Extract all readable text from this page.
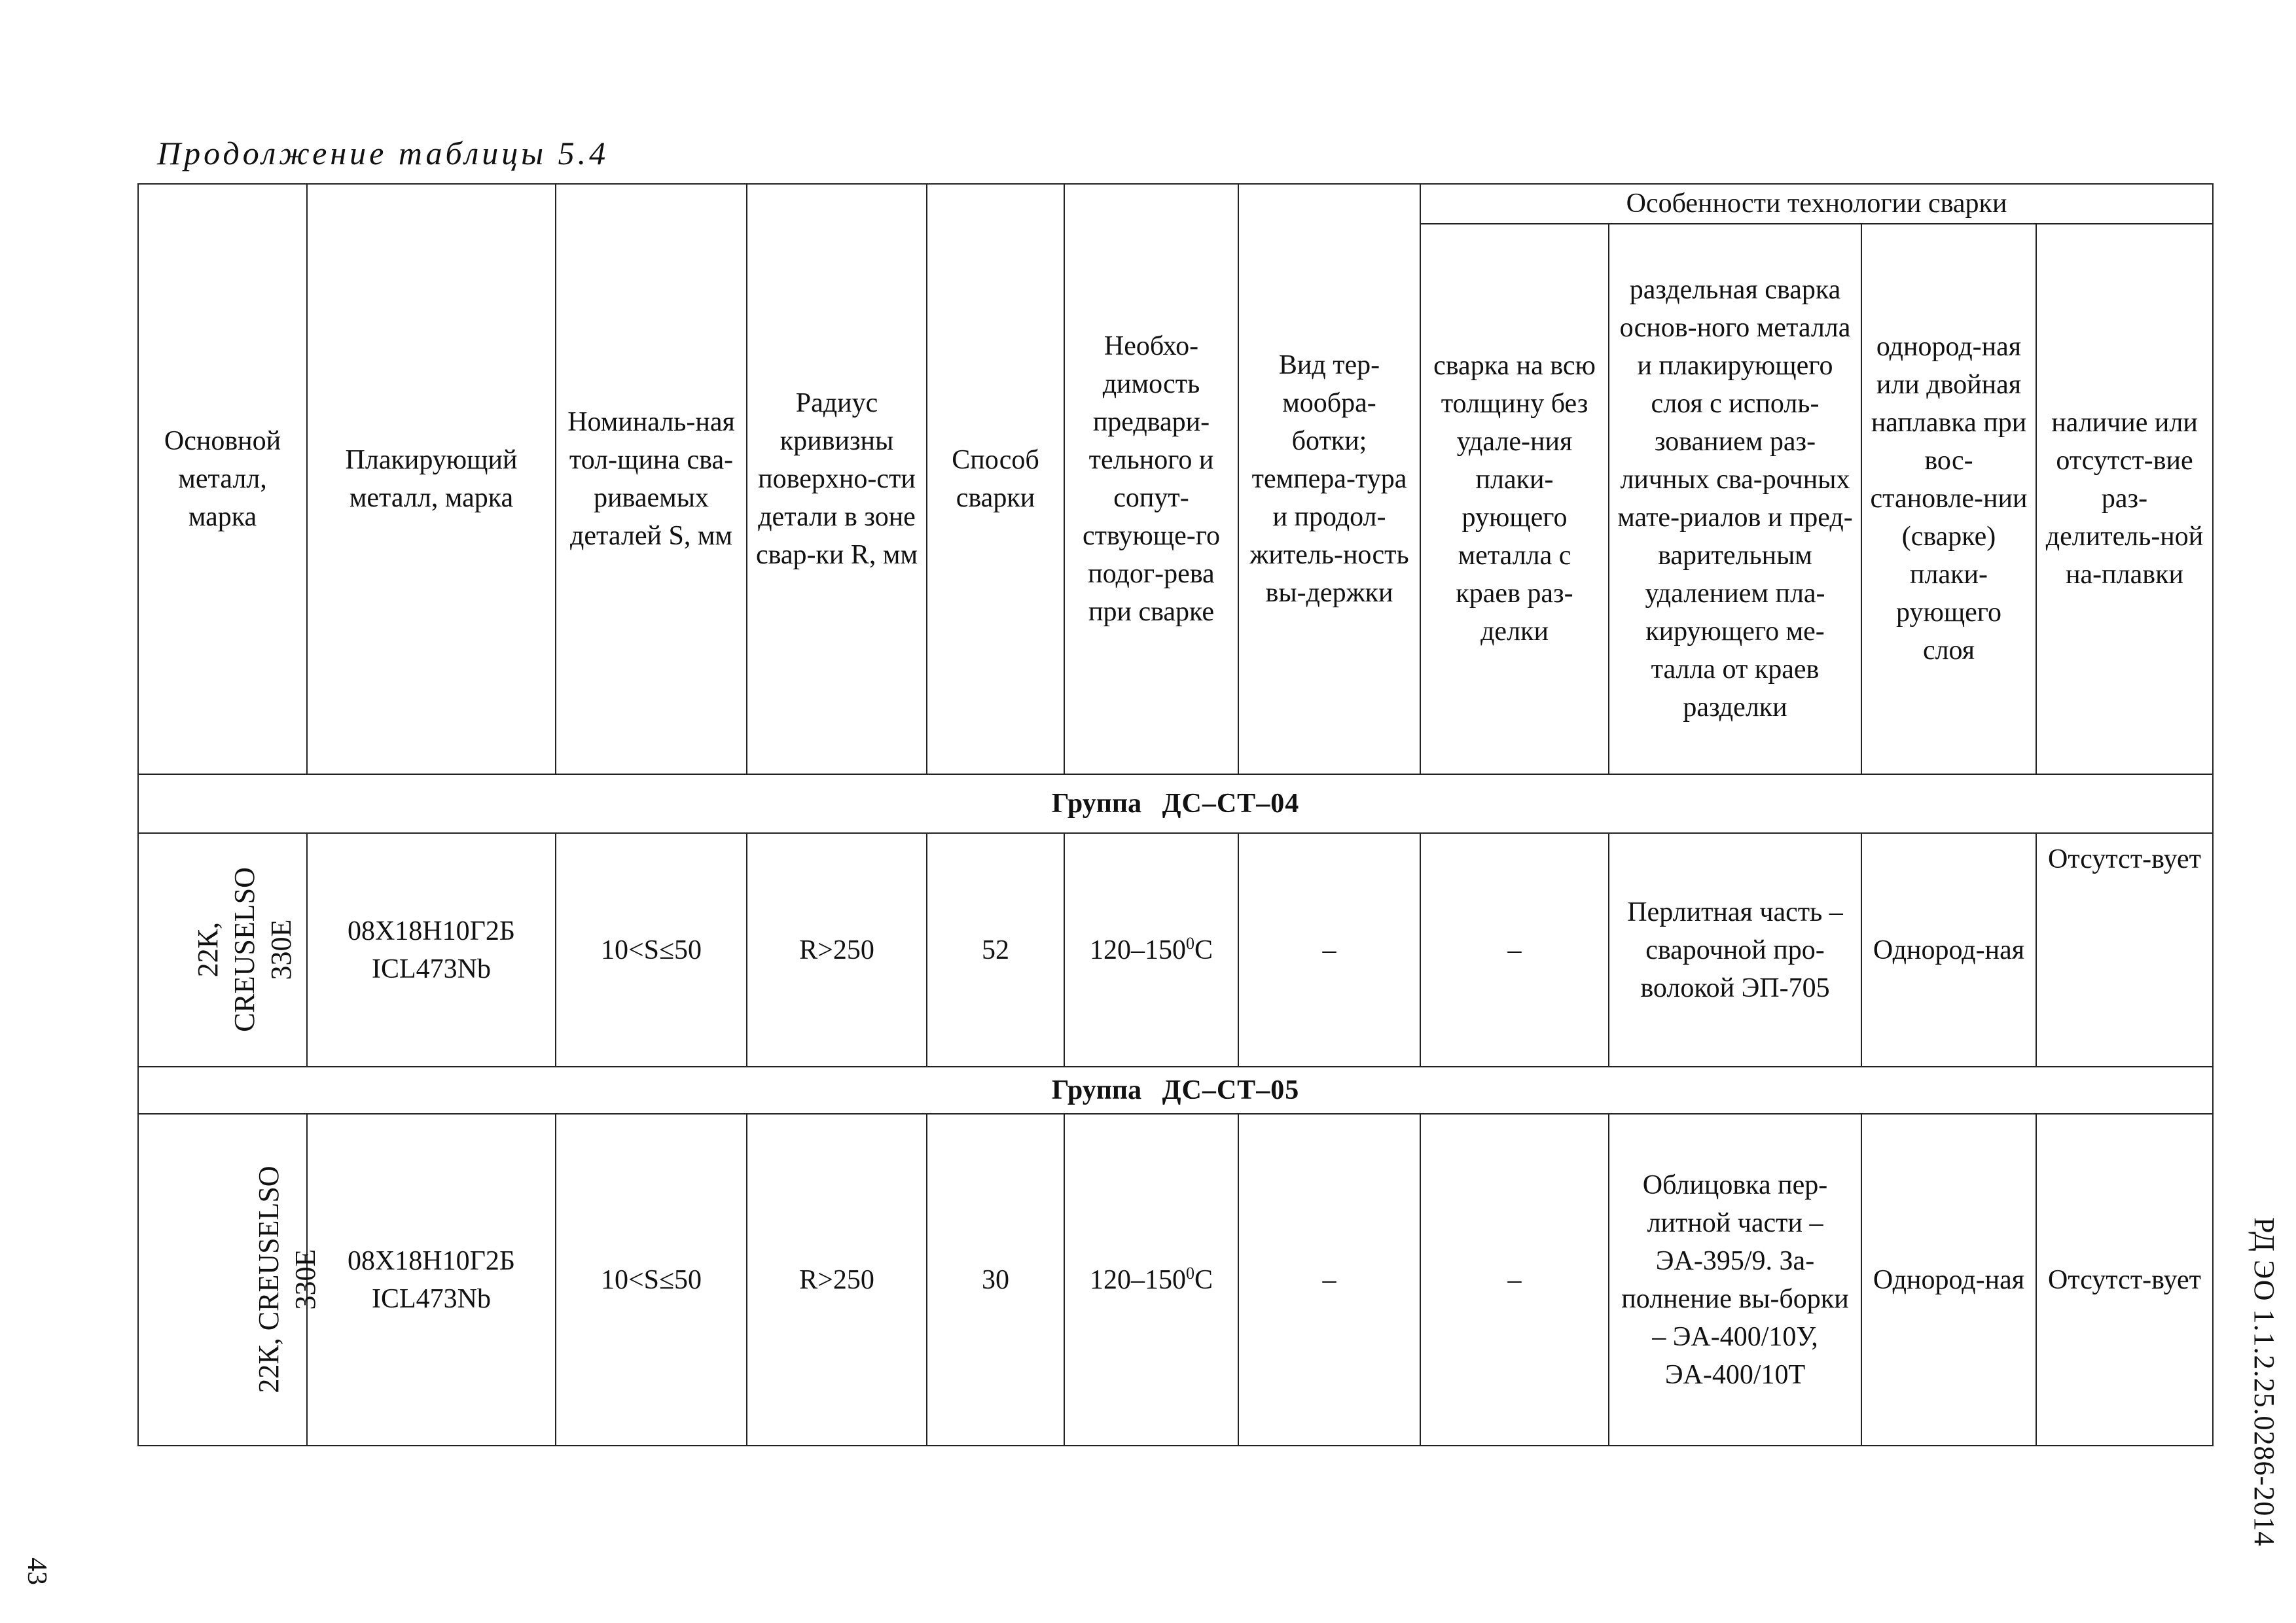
Продолжение таблицы 5.4
Основной металл, марка	Плакирующий металл, марка	Номиналь-ная тол-щина сва-риваемых деталей S, мм	Радиус кривизны поверхно-сти детали в зоне свар-ки R, мм	Способ сварки	Необхо-димость предвари-тельного и сопут-ствующе-го подог-рева при сварке	Вид тер-мообра-ботки; темпера-тура и продол-житель-ность вы-держки	Особенности технологии сварки			
							сварка на всю толщину без удале-ния плаки-рующего металла с краев раз-делки	раздельная сварка основ-ного металла и плакирующего слоя с исполь-зованием раз-личных сва-рочных мате-риалов и пред-варительным удалением пла-кирующего ме-талла от краев разделки	однород-ная или двойная наплавка при вос-становле-нии (сварке) плаки-рующего слоя	наличие или отсутст-вие раз-делитель-ной на-плавки
Группа ДС–СТ–04										
22К, CREUSELSO 330E	08Х18Н10Г2Б ICL473Nb	10<S≤50	R>250	52	$120-150^0С$	–	–	Перлитная часть – сварочной про-волокой ЭП-705	Однород-ная	Отсутст-вует
Группа ДС–СТ–05										
22К, CREUSELSO 330E	08Х18Н10Г2Б ICL473Nb	10<S≤50	R>250	30	$120-150^0С$	–	–	Облицовка пер-литной части – ЭА-395/9. За-полнение вы-борки – ЭА-400/10У, ЭА-400/10Т	Однород-ная	Отсутст-вует РД ЭО 1.1.2.25.0286-2014
43
